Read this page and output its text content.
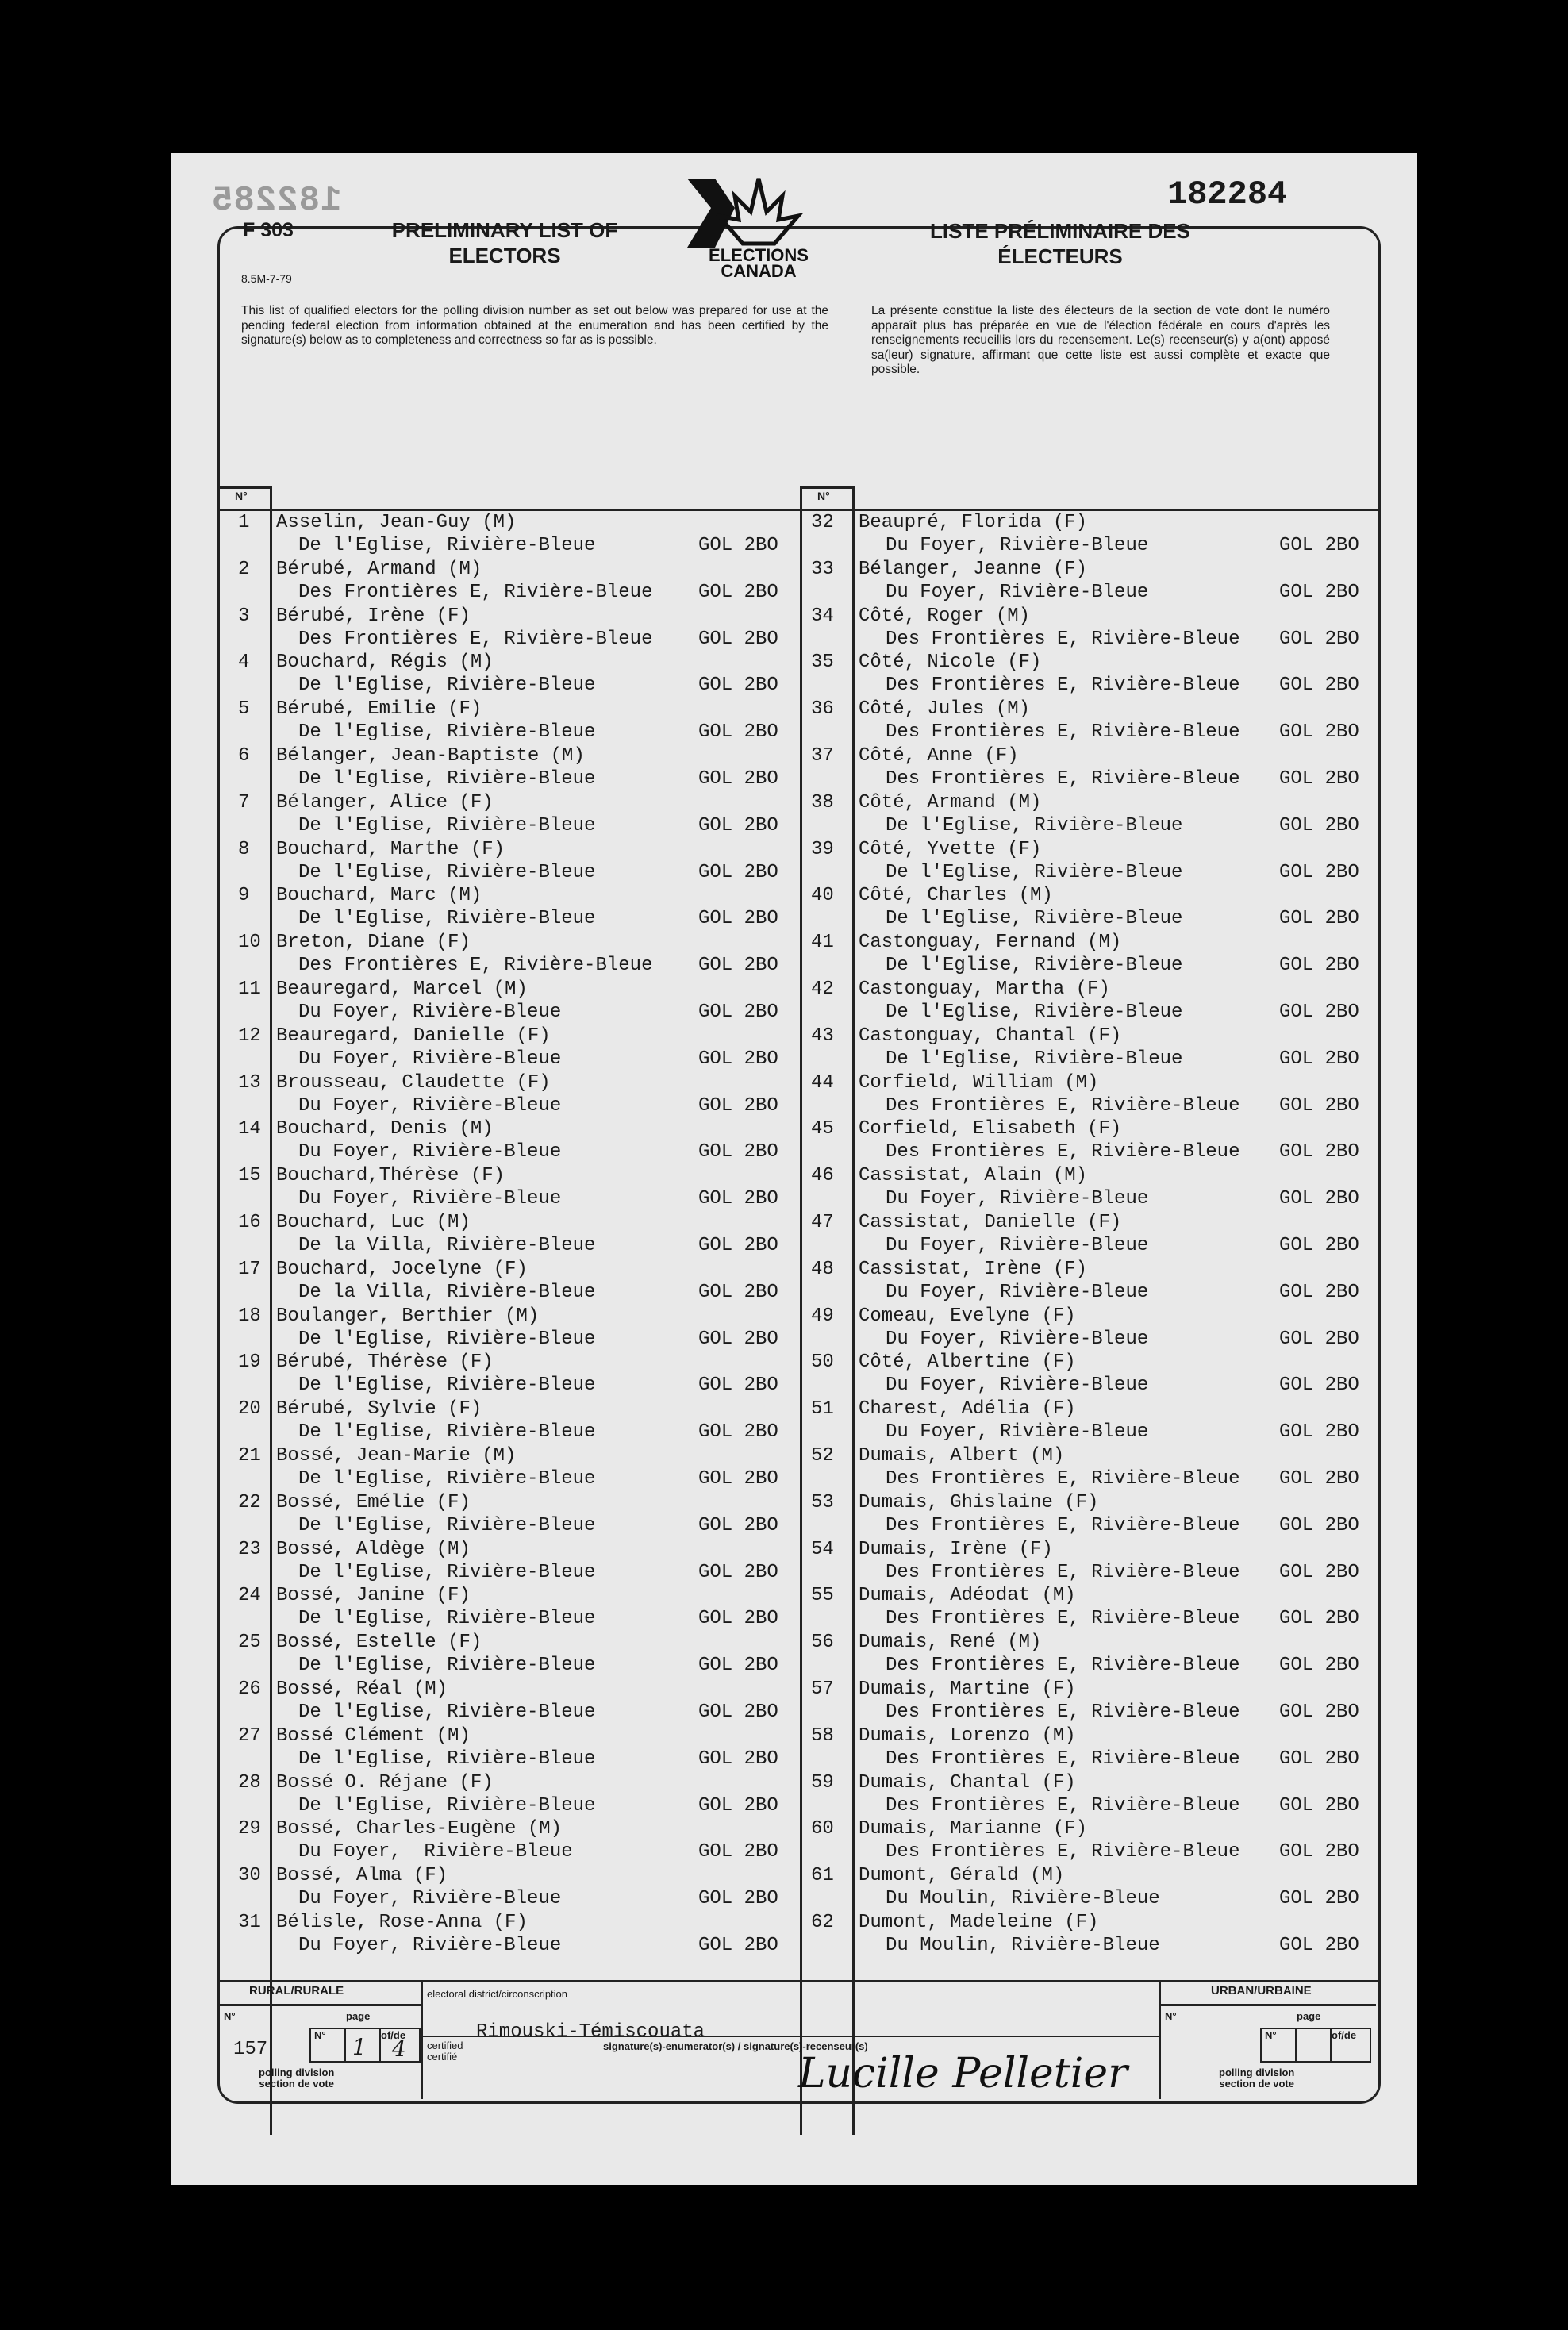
182285
F 303
8.5M-7-79
PRELIMINARY LIST OF
ELECTORS	ELECTIONS
CANADA
182284
LISTE PRÉLIMINAIRE DES
ÉLECTEURS
This list of qualified electors for the polling division number as set out below was prepared for use at the pending federal election from information obtained at the enumeration and has been certified by the signature(s) below as to completeness and correctness so far as is possible.
La présente constitue la liste des électeurs de la section de vote dont le numéro apparaît plus bas préparée en vue de l'élection fédérale en cours d'après les renseignements recueillis lors du recensement. Le(s) recenseur(s) y a(ont) apposé sa(leur) signature, affirmant que cette liste est aussi complète et exacte que possible.
N°	N°
1 Asselin, Jean-Guy (M)
De l'Eglise, Rivière-Bleue	GOL 2BO
2 Bérubé, Armand (M)
Des Frontières E, Rivière-Bleue GOL 2BO
3 Bérubé, Irène (F)
Des Frontières E, Rivière-Bleue GOL 2BO
4 Bouchard, Régis (M)
De l'Eglise, Rivière-Bleue	GOL 2BO
5 Bérubé, Emilie (F)
De l'Eglise, Rivière-Bleue	GOL 2BO
6 Bélanger, Jean-Baptiste (M)
De l'Eglise, Rivière-Bleue	GOL 2BO
7 Bélanger, Alice (F)
De l'Eglise, Rivière-Bleue	GOL 2BO
8 Bouchard, Marthe (F)
De l'Eglise, Rivière-Bleue	GOL 2BO
9 Bouchard, Marc (M)
De l'Eglise, Rivière-Bleue	GOL 2BO
10 Breton, Diane (F)
Des Frontières E, Rivière-Bleue GOL 2BO
11 Beauregard, Marcel (M)
Du Foyer, Rivière-Bleue	GOL 2BO
12 Beauregard, Danielle (F)
Du Foyer, Rivière-Bleue	GOL 2BO
13 Brousseau, Claudette (F)
Du Foyer, Rivière-Bleue	GOL 2BO
14 Bouchard, Denis (M)
Du Foyer, Rivière-Bleue	GOL 2BO
15 Bouchard,Thérèse (F)
Du Foyer, Rivière-Bleue	GOL 2BO
16 Bouchard, Luc (M)
De la Villa, Rivière-Bleue	GOL 2BO
17 Bouchard, Jocelyne (F)
De la Villa, Rivière-Bleue	GOL 2BO
18 Boulanger, Berthier (M)
De l'Eglise, Rivière-Bleue	GOL 2BO
19 Bérubé, Thérèse (F)
De l'Eglise, Rivière-Bleue	GOL 2BO
20 Bérubé, Sylvie (F)
De l'Eglise, Rivière-Bleue	GOL 2BO
21 Bossé, Jean-Marie (M)
De l'Eglise, Rivière-Bleue	GOL 2BO
22 Bossé, Emélie (F)
De l'Eglise, Rivière-Bleue	GOL 2BO
23 Bossé, Aldège (M)
De l'Eglise, Rivière-Bleue	GOL 2BO
24 Bossé, Janine (F)
De l'Eglise, Rivière-Bleue	GOL 2BO
25 Bossé, Estelle (F)
De l'Eglise, Rivière-Bleue	GOL 2BO
26 Bossé, Réal (M)
De l'Eglise, Rivière-Bleue	GOL 2BO
27 Bossé Clément (M)
De l'Eglise, Rivière-Bleue	GOL 2BO
28 Bossé O. Réjane (F)
De l'Eglise, Rivière-Bleue	GOL 2BO
29 Bossé, Charles-Eugène (M)
Du Foyer,  Rivière-Bleue	GOL 2BO
30 Bossé, Alma (F)
Du Foyer, Rivière-Bleue	GOL 2BO
31 Bélisle, Rose-Anna (F)
Du Foyer, Rivière-Bleue	GOL 2BO
32 Beaupré, Florida (F)
Du Foyer, Rivière-Bleue	GOL 2BO
33 Bélanger, Jeanne (F)
Du Foyer, Rivière-Bleue	GOL 2BO
34 Côté, Roger (M)
Des Frontières E, Rivière-Bleue GOL 2BO
35 Côté, Nicole (F)
Des Frontières E, Rivière-Bleue GOL 2BO
36 Côté, Jules (M)
Des Frontières E, Rivière-Bleue GOL 2BO
37 Côté, Anne (F)
Des Frontières E, Rivière-Bleue GOL 2BO
38 Côté, Armand (M)
De l'Eglise, Rivière-Bleue	GOL 2BO
39 Côté, Yvette (F)
De l'Eglise, Rivière-Bleue	GOL 2BO
40 Côté, Charles (M)
De l'Eglise, Rivière-Bleue	GOL 2BO
41 Castonguay, Fernand (M)
De l'Eglise, Rivière-Bleue	GOL 2BO
42 Castonguay, Martha (F)
De l'Eglise, Rivière-Bleue	GOL 2BO
43 Castonguay, Chantal (F)
De l'Eglise, Rivière-Bleue	GOL 2BO
44 Corfield, William (M)
Des Frontières E, Rivière-Bleue GOL 2BO
45 Corfield, Elisabeth (F)
Des Frontières E, Rivière-Bleue GOL 2BO
46 Cassistat, Alain (M)
Du Foyer, Rivière-Bleue	GOL 2BO
47 Cassistat, Danielle (F)
Du Foyer, Rivière-Bleue	GOL 2BO
48 Cassistat, Irène (F)
Du Foyer, Rivière-Bleue	GOL 2BO
49 Comeau, Evelyne (F)
Du Foyer, Rivière-Bleue	GOL 2BO
50 Côté, Albertine (F)
Du Foyer, Rivière-Bleue	GOL 2BO
51 Charest, Adélia (F)
Du Foyer, Rivière-Bleue	GOL 2BO
52 Dumais, Albert (M)
Des Frontières E, Rivière-Bleue GOL 2BO
53 Dumais, Ghislaine (F)
Des Frontières E, Rivière-Bleue GOL 2BO
54 Dumais, Irène (F)
Des Frontières E, Rivière-Bleue GOL 2BO
55 Dumais, Adéodat (M)
Des Frontières E, Rivière-Bleue GOL 2BO
56 Dumais, René (M)
Des Frontières E, Rivière-Bleue GOL 2BO
57 Dumais, Martine (F)
Des Frontières E, Rivière-Bleue GOL 2BO
58 Dumais, Lorenzo (M)
Des Frontières E, Rivière-Bleue GOL 2BO
59 Dumais, Chantal (F)
Des Frontières E, Rivière-Bleue GOL 2BO
60 Dumais, Marianne (F)
Des Frontières E, Rivière-Bleue GOL 2BO
61 Dumont, Gérald (M)
Du Moulin, Rivière-Bleue	GOL 2BO
62 Dumont, Madeleine (F)
Du Moulin, Rivière-Bleue	GOL 2BO
RURAL/RURALE	URBAN/URBAINE
electoral district/circonscription
Rimouski-Témiscouata
N°	page
157
N°	of/de
1 4
polling division
section de vote
certified
certifié
signature(s)-enumerator(s) / signature(s)-recenseur(s)
Lucille Pelletier
N°	page
N°	of/de
polling division
section de vote
